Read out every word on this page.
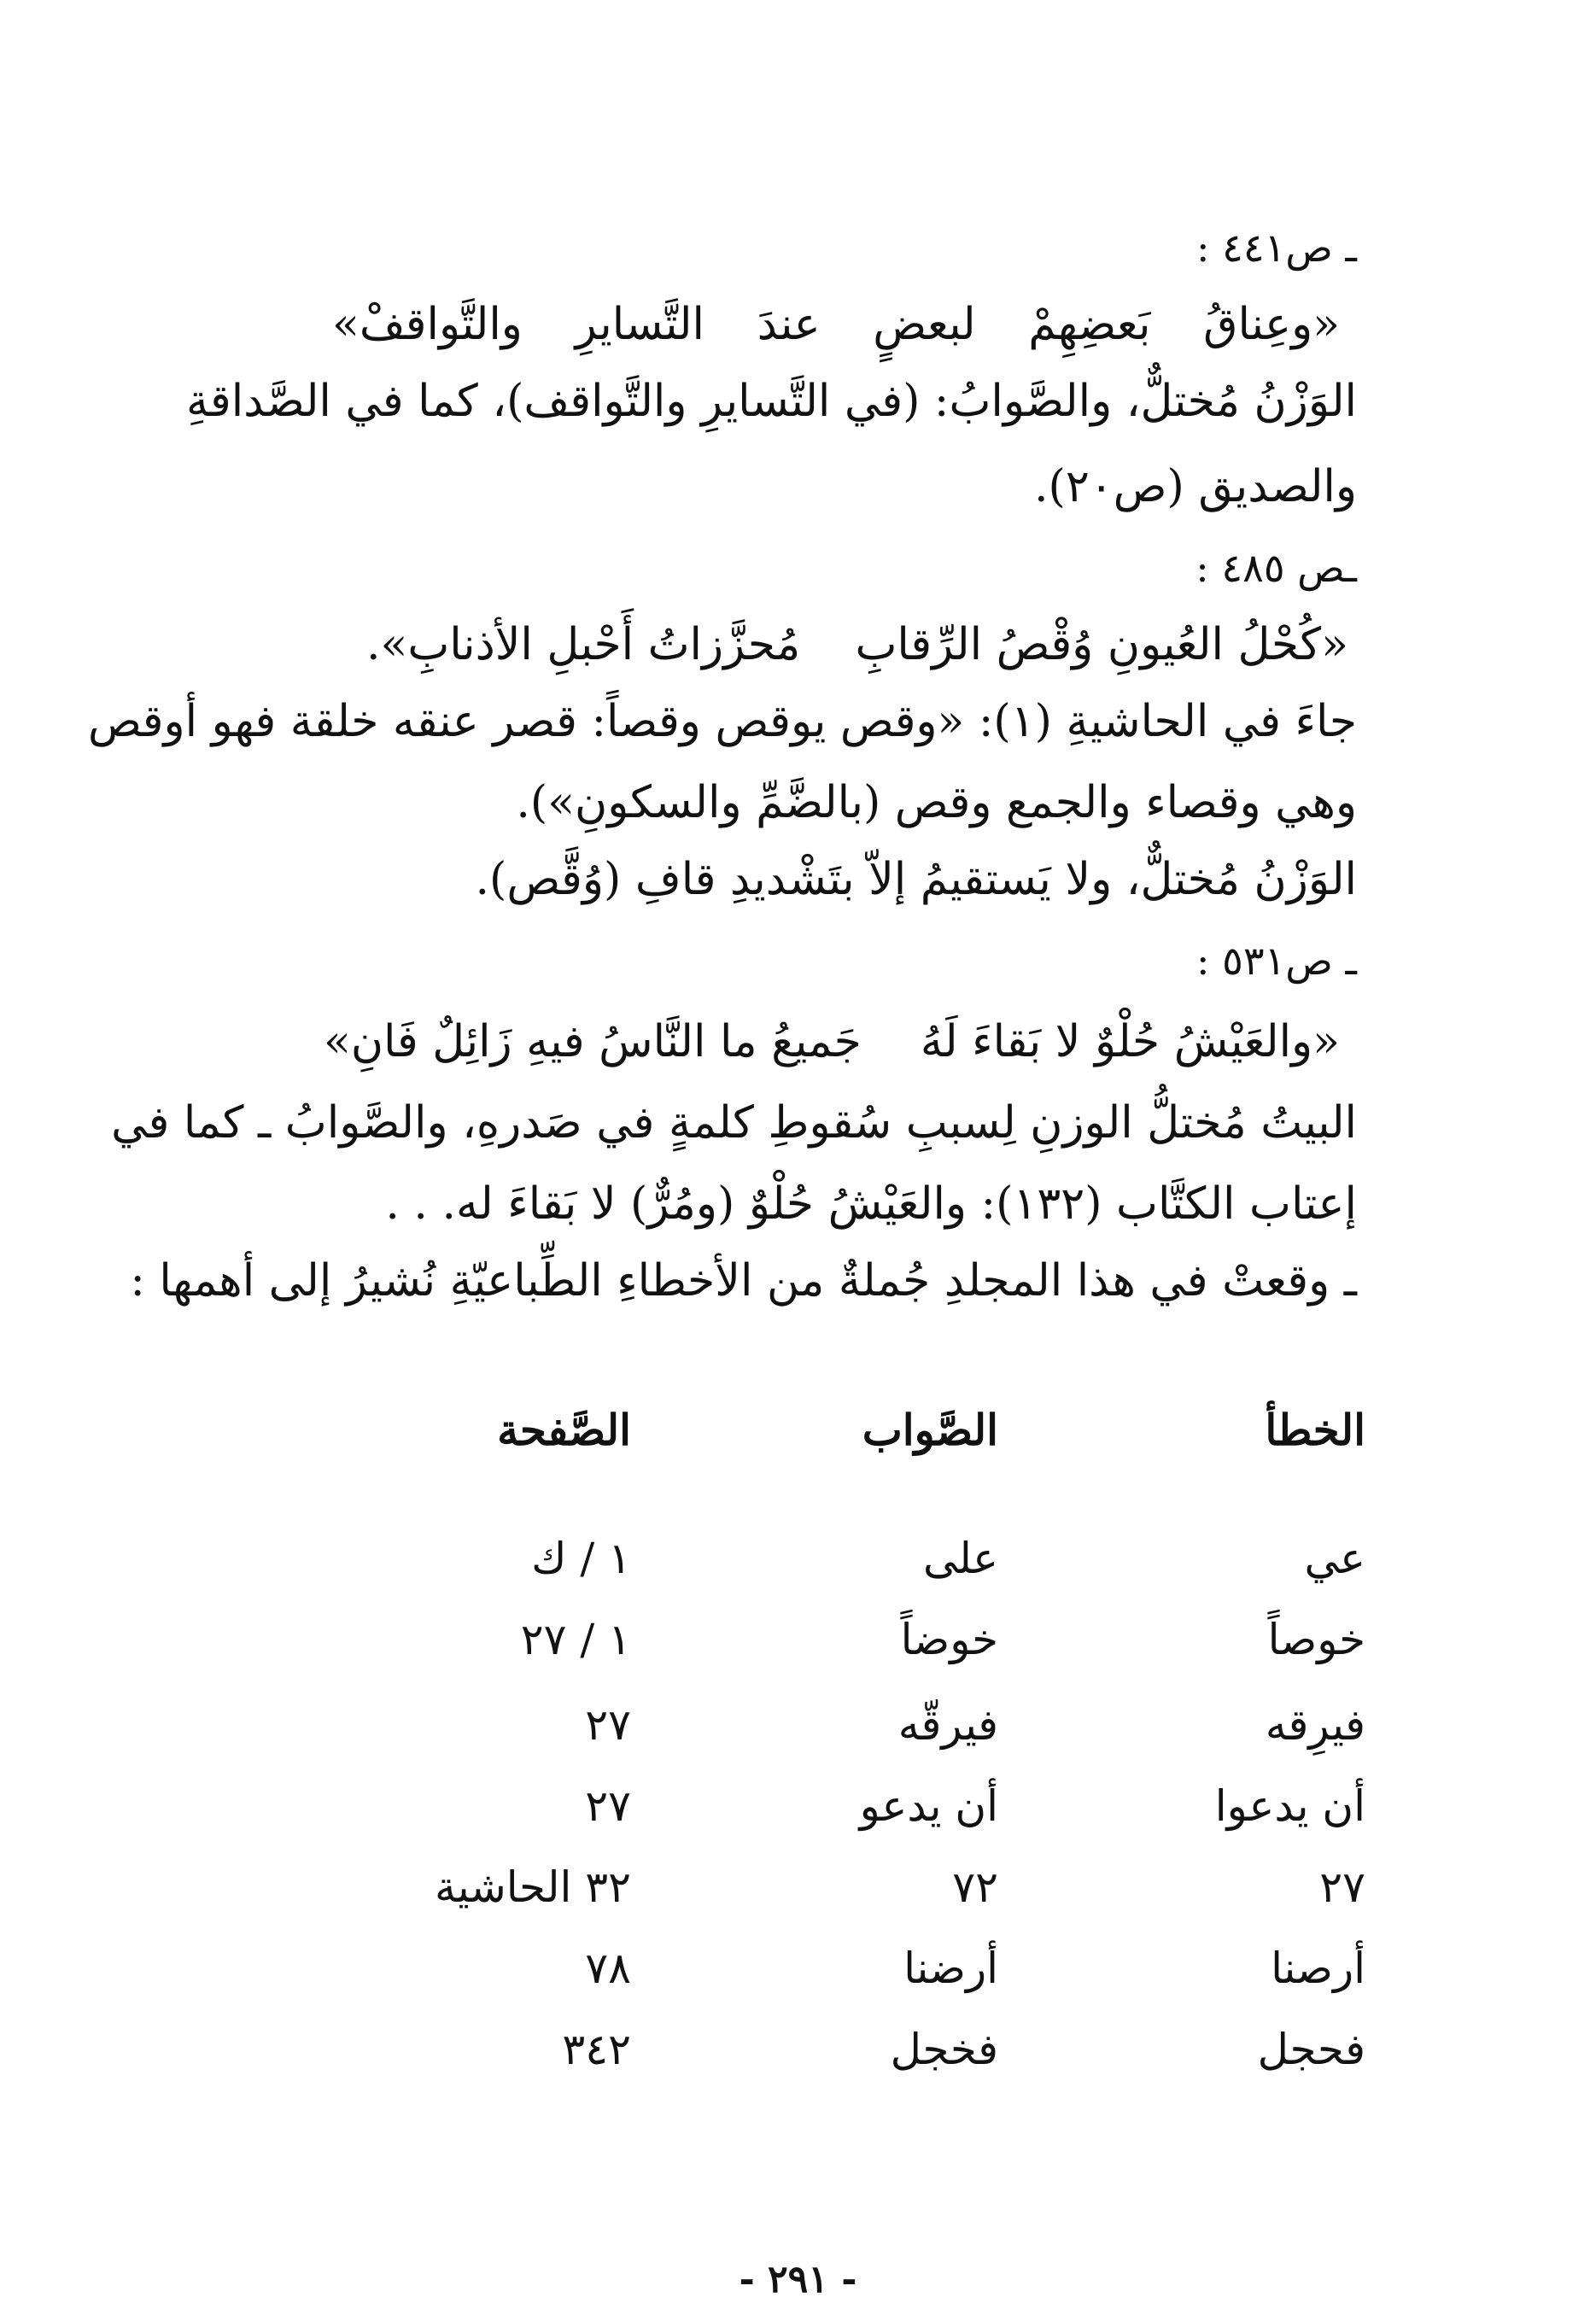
ـ ص٤٤١ :
«وعِناقُ
بَعضِهِمْ
لبعضٍ
عندَ
التَّسايرِ
والتَّواقفْ»
الوَزْنُ مُختلٌّ، والصَّوابُ: (في التَّسايرِ والتَّواقف)، كما في الصَّداقةِ
والصديق (ص٢٠).
ـص ٤٨٥ :
«كُحْلُ العُيونِ وُقْصُ الرِّقابِ
مُحزَّزاتُ أَحْبلِ الأذنابِ».
جاءَ في الحاشيةِ (١): «وقص يوقص وقصاً: قصر عنقه خلقة فهو أوقص
وهي وقصاء والجمع وقص (بالضَّمِّ والسكونِ»).
الوَزْنُ مُختلٌّ، ولا يَستقيمُ إلاّ بتَشْديدِ قافِ (وُقَّص).
ـ ص٥٣١ :
«والعَيْشُ حُلْوٌ لا بَقاءَ لَهُ
جَميعُ ما النَّاسُ فيهِ زَائِلٌ فَانِ»
البيتُ مُختلُّ الوزنِ لِسببِ سُقوطِ كلمةٍ في صَدرهِ، والصَّوابُ ـ كما في
إعتاب الكتَّاب (١٣٢): والعَيْشُ حُلْوٌ (ومُرٌّ) لا بَقاءَ له. . .
ـ وقعتْ في هذا المجلدِ جُملةٌ من الأخطاءِ الطِّباعيّةِ نُشيرُ إلى أهمها :
الخطأ
الصَّواب
الصَّفحة
عي
على
١ / ك
خوصاً
خوضاً
١ / ٢٧
فيرِقه
فيرقّه
٢٧
أن يدعوا
أن يدعو
٢٧
٢٧
٧٢
٣٢ الحاشية
أرصنا
أرضنا
٧٨
فحجل
فخجل
٣٤٢
- ٢٩١ -
